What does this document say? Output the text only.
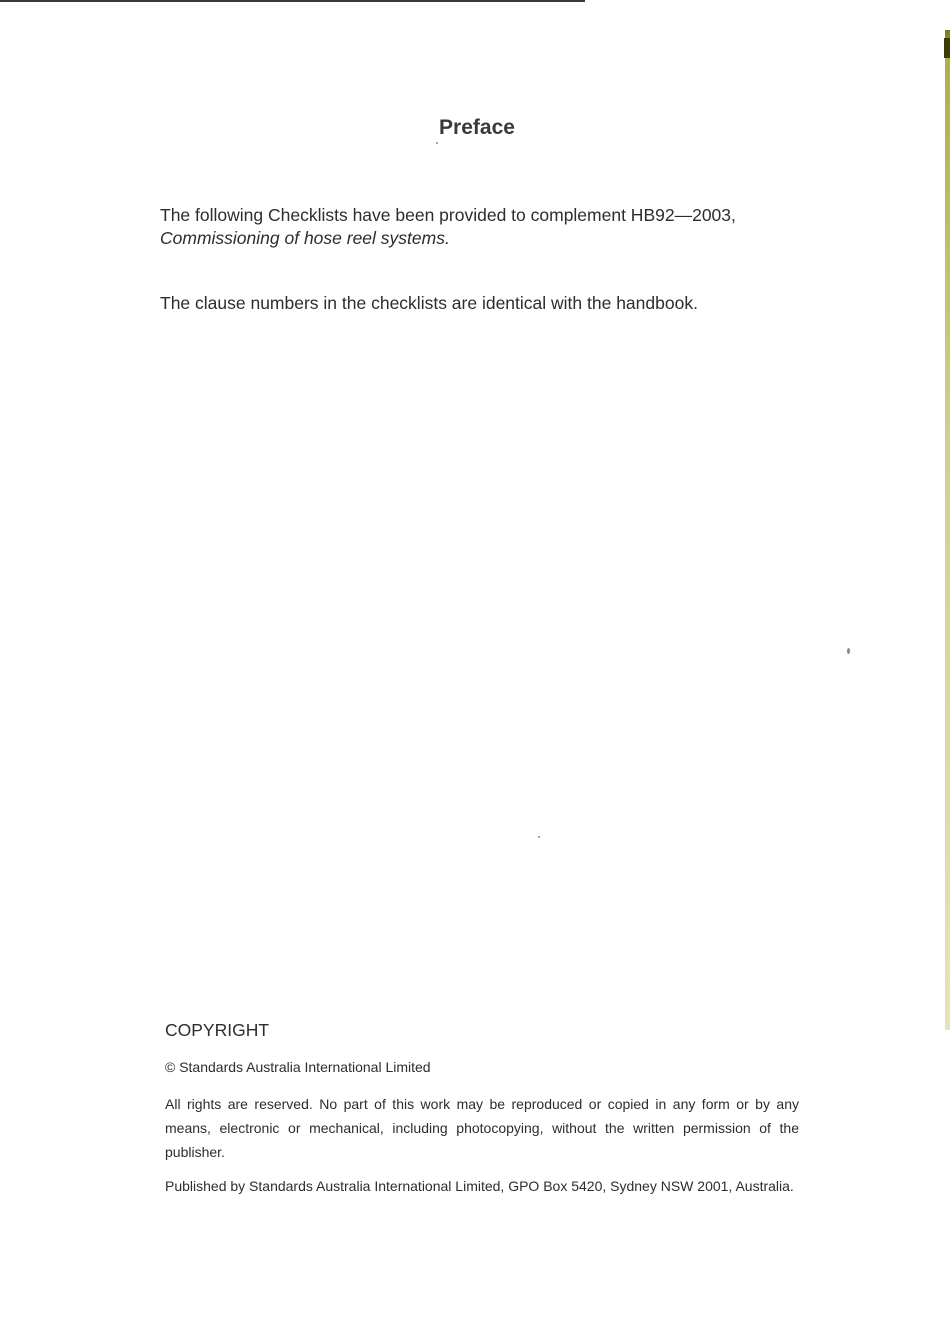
Preface

The following Checklists have been provided to complement HB92—2003, Commissioning of hose reel systems.

The clause numbers in the checklists are identical with the handbook.

COPYRIGHT
© Standards Australia International Limited

All rights are reserved. No part of this work may be reproduced or copied in any form or by any means, electronic or mechanical, including photocopying, without the written permission of the publisher.

Published by Standards Australia International Limited, GPO Box 5420, Sydney NSW 2001, Australia.
